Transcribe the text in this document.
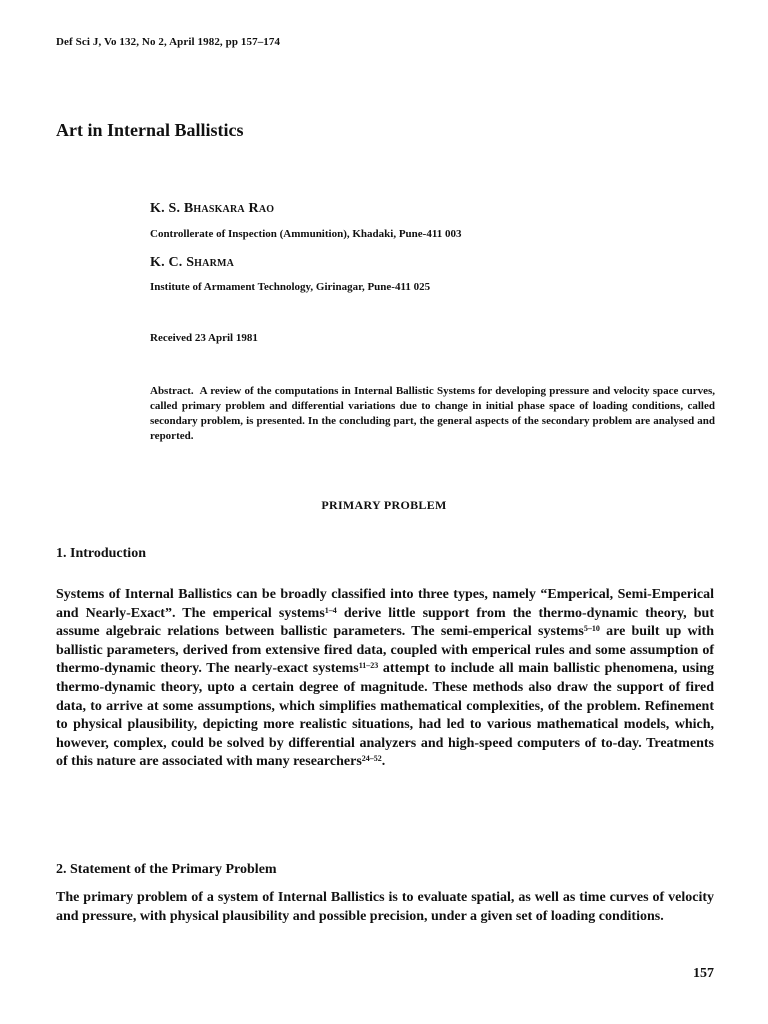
Def Sci J, Vo 132, No 2, April 1982, pp 157–174
Art in Internal Ballistics
K. S. Bhaskara Rao
Controllerate of Inspection (Ammunition), Khadaki, Pune-411 003
K. C. Sharma
Institute of Armament Technology, Girinagar, Pune-411 025
Received 23 April 1981
Abstract. A review of the computations in Internal Ballistic Systems for developing pressure and velocity space curves, called primary problem and differential variations due to change in initial phase space of loading conditions, called secondary problem, is presented. In the concluding part, the general aspects of the secondary problem are analysed and reported.
PRIMARY PROBLEM
1. Introduction
Systems of Internal Ballistics can be broadly classified into three types, namely “Emperical, Semi-Emperical and Nearly-Exact”. The emperical systems$^{1-4}$ derive little support from the thermo-dynamic theory, but assume algebraic relations between ballistic parameters. The semi-emperical systems$^{5-10}$ are built up with ballistic parameters, derived from extensive fired data, coupled with emperical rules and some assumption of thermo-dynamic theory. The nearly-exact systems$^{11-23}$ attempt to include all main ballistic phenomena, using thermo-dynamic theory, upto a certain degree of magnitude. These methods also draw the support of fired data, to arrive at some assumptions, which simplifies mathematical complexities, of the problem. Refinement to physical plausibility, depicting more realistic situations, had led to various mathematical models, which, however, complex, could be solved by differential analyzers and high-speed computers of to-day. Treatments of this nature are associated with many researchers$^{24-52}$.
2. Statement of the Primary Problem
The primary problem of a system of Internal Ballistics is to evaluate spatial, as well as time curves of velocity and pressure, with physical plausibility and possible precision, under a given set of loading conditions.
157
